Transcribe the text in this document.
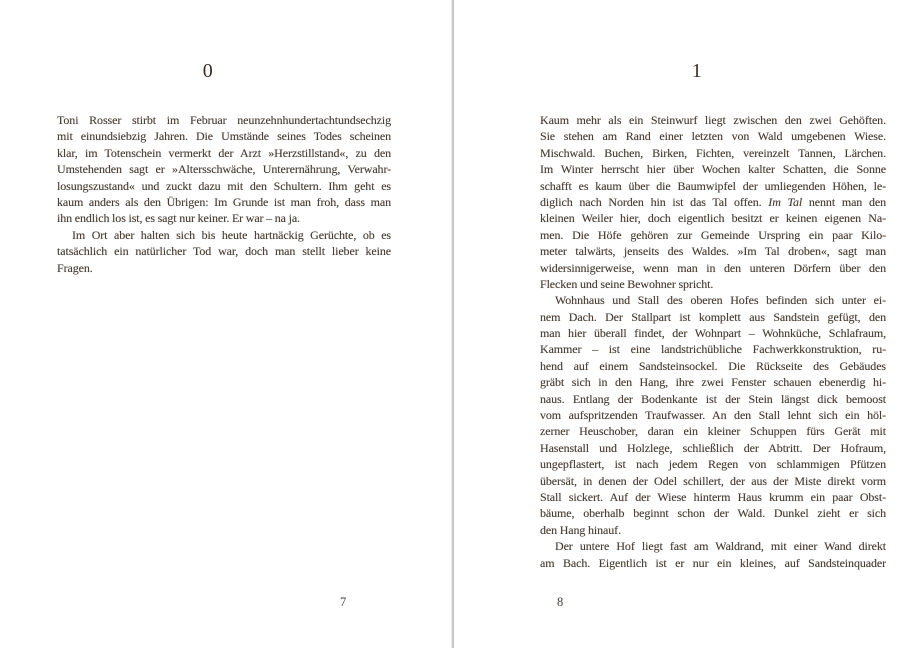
0
Toni Rosser stirbt im Februar neunzehnhundertachtundsechzig
mit einundsiebzig Jahren. Die Umstände seines Todes scheinen
klar, im Totenschein vermerkt der Arzt »Herzstillstand«, zu den
Umstehenden sagt er »Altersschwäche, Unterernährung, Verwahr-
losungszustand« und zuckt dazu mit den Schultern. Ihm geht es
kaum anders als den Übrigen: Im Grunde ist man froh, dass man
ihn endlich los ist, es sagt nur keiner. Er war – na ja.
Im Ort aber halten sich bis heute hartnäckig Gerüchte, ob es
tatsächlich ein natürlicher Tod war, doch man stellt lieber keine
Fragen.
7
1
Kaum mehr als ein Steinwurf liegt zwischen den zwei Gehöften.
Sie stehen am Rand einer letzten von Wald umgebenen Wiese.
Mischwald. Buchen, Birken, Fichten, vereinzelt Tannen, Lärchen.
Im Winter herrscht hier über Wochen kalter Schatten, die Sonne
schafft es kaum über die Baumwipfel der umliegenden Höhen, le-
diglich nach Norden hin ist das Tal offen. Im Tal nennt man den
kleinen Weiler hier, doch eigentlich besitzt er keinen eigenen Na-
men. Die Höfe gehören zur Gemeinde Urspring ein paar Kilo-
meter talwärts, jenseits des Waldes. »Im Tal droben«, sagt man
widersinnigerweise, wenn man in den unteren Dörfern über den
Flecken und seine Bewohner spricht.
Wohnhaus und Stall des oberen Hofes befinden sich unter ei-
nem Dach. Der Stallpart ist komplett aus Sandstein gefügt, den
man hier überall findet, der Wohnpart – Wohnküche, Schlafraum,
Kammer – ist eine landstrichübliche Fachwerkkonstruktion, ru-
hend auf einem Sandsteinsockel. Die Rückseite des Gebäudes
gräbt sich in den Hang, ihre zwei Fenster schauen ebenerdig hi-
naus. Entlang der Bodenkante ist der Stein längst dick bemoost
vom aufspritzenden Traufwasser. An den Stall lehnt sich ein höl-
zerner Heuschober, daran ein kleiner Schuppen fürs Gerät mit
Hasenstall und Holzlege, schließlich der Abtritt. Der Hofraum,
ungepflastert, ist nach jedem Regen von schlammigen Pfützen
übersät, in denen der Odel schillert, der aus der Miste direkt vorm
Stall sickert. Auf der Wiese hinterm Haus krumm ein paar Obst-
bäume, oberhalb beginnt schon der Wald. Dunkel zieht er sich
den Hang hinauf.
Der untere Hof liegt fast am Waldrand, mit einer Wand direkt
am Bach. Eigentlich ist er nur ein kleines, auf Sandsteinquader
8
